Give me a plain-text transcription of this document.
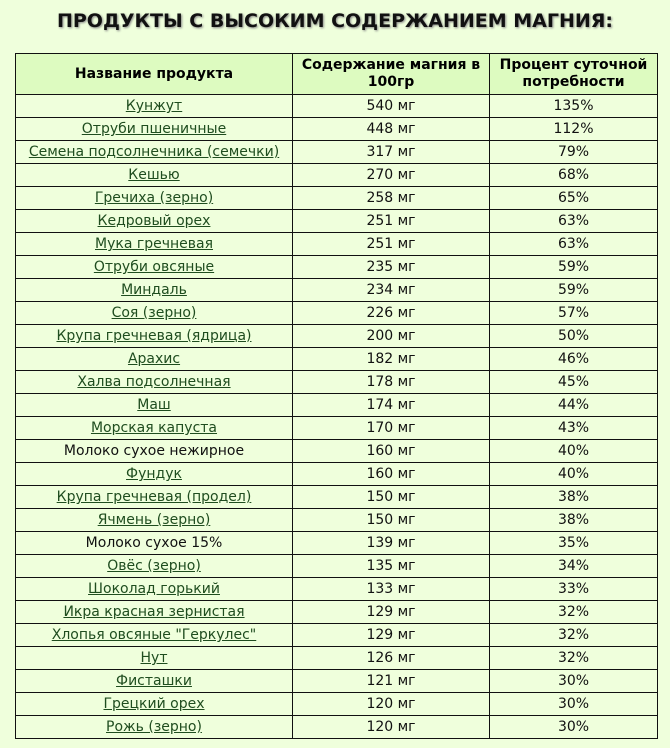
ПРОДУКТЫ С ВЫСОКИМ СОДЕРЖАНИЕМ МАГНИЯ:
Название продукта	Содержание магния в 100гр	Процент суточной потребности
Кунжут	540 мг	135%
Отруби пшеничные	448 мг	112%
Семена подсолнечника (семечки)	317 мг	79%
Кешью	270 мг	68%
Гречиха (зерно)	258 мг	65%
Кедровый орех	251 мг	63%
Мука гречневая	251 мг	63%
Отруби овсяные	235 мг	59%
Миндаль	234 мг	59%
Соя (зерно)	226 мг	57%
Крупа гречневая (ядрица)	200 мг	50%
Арахис	182 мг	46%
Халва подсолнечная	178 мг	45%
Маш	174 мг	44%
Морская капуста	170 мг	43%
Молоко сухое нежирное	160 мг	40%
Фундук	160 мг	40%
Крупа гречневая (продел)	150 мг	38%
Ячмень (зерно)	150 мг	38%
Молоко сухое 15%	139 мг	35%
Овёс (зерно)	135 мг	34%
Шоколад горький	133 мг	33%
Икра красная зернистая	129 мг	32%
Хлопья овсяные "Геркулес"	129 мг	32%
Нут	126 мг	32%
Фисташки	121 мг	30%
Грецкий орех	120 мг	30%
Рожь (зерно)	120 мг	30%
